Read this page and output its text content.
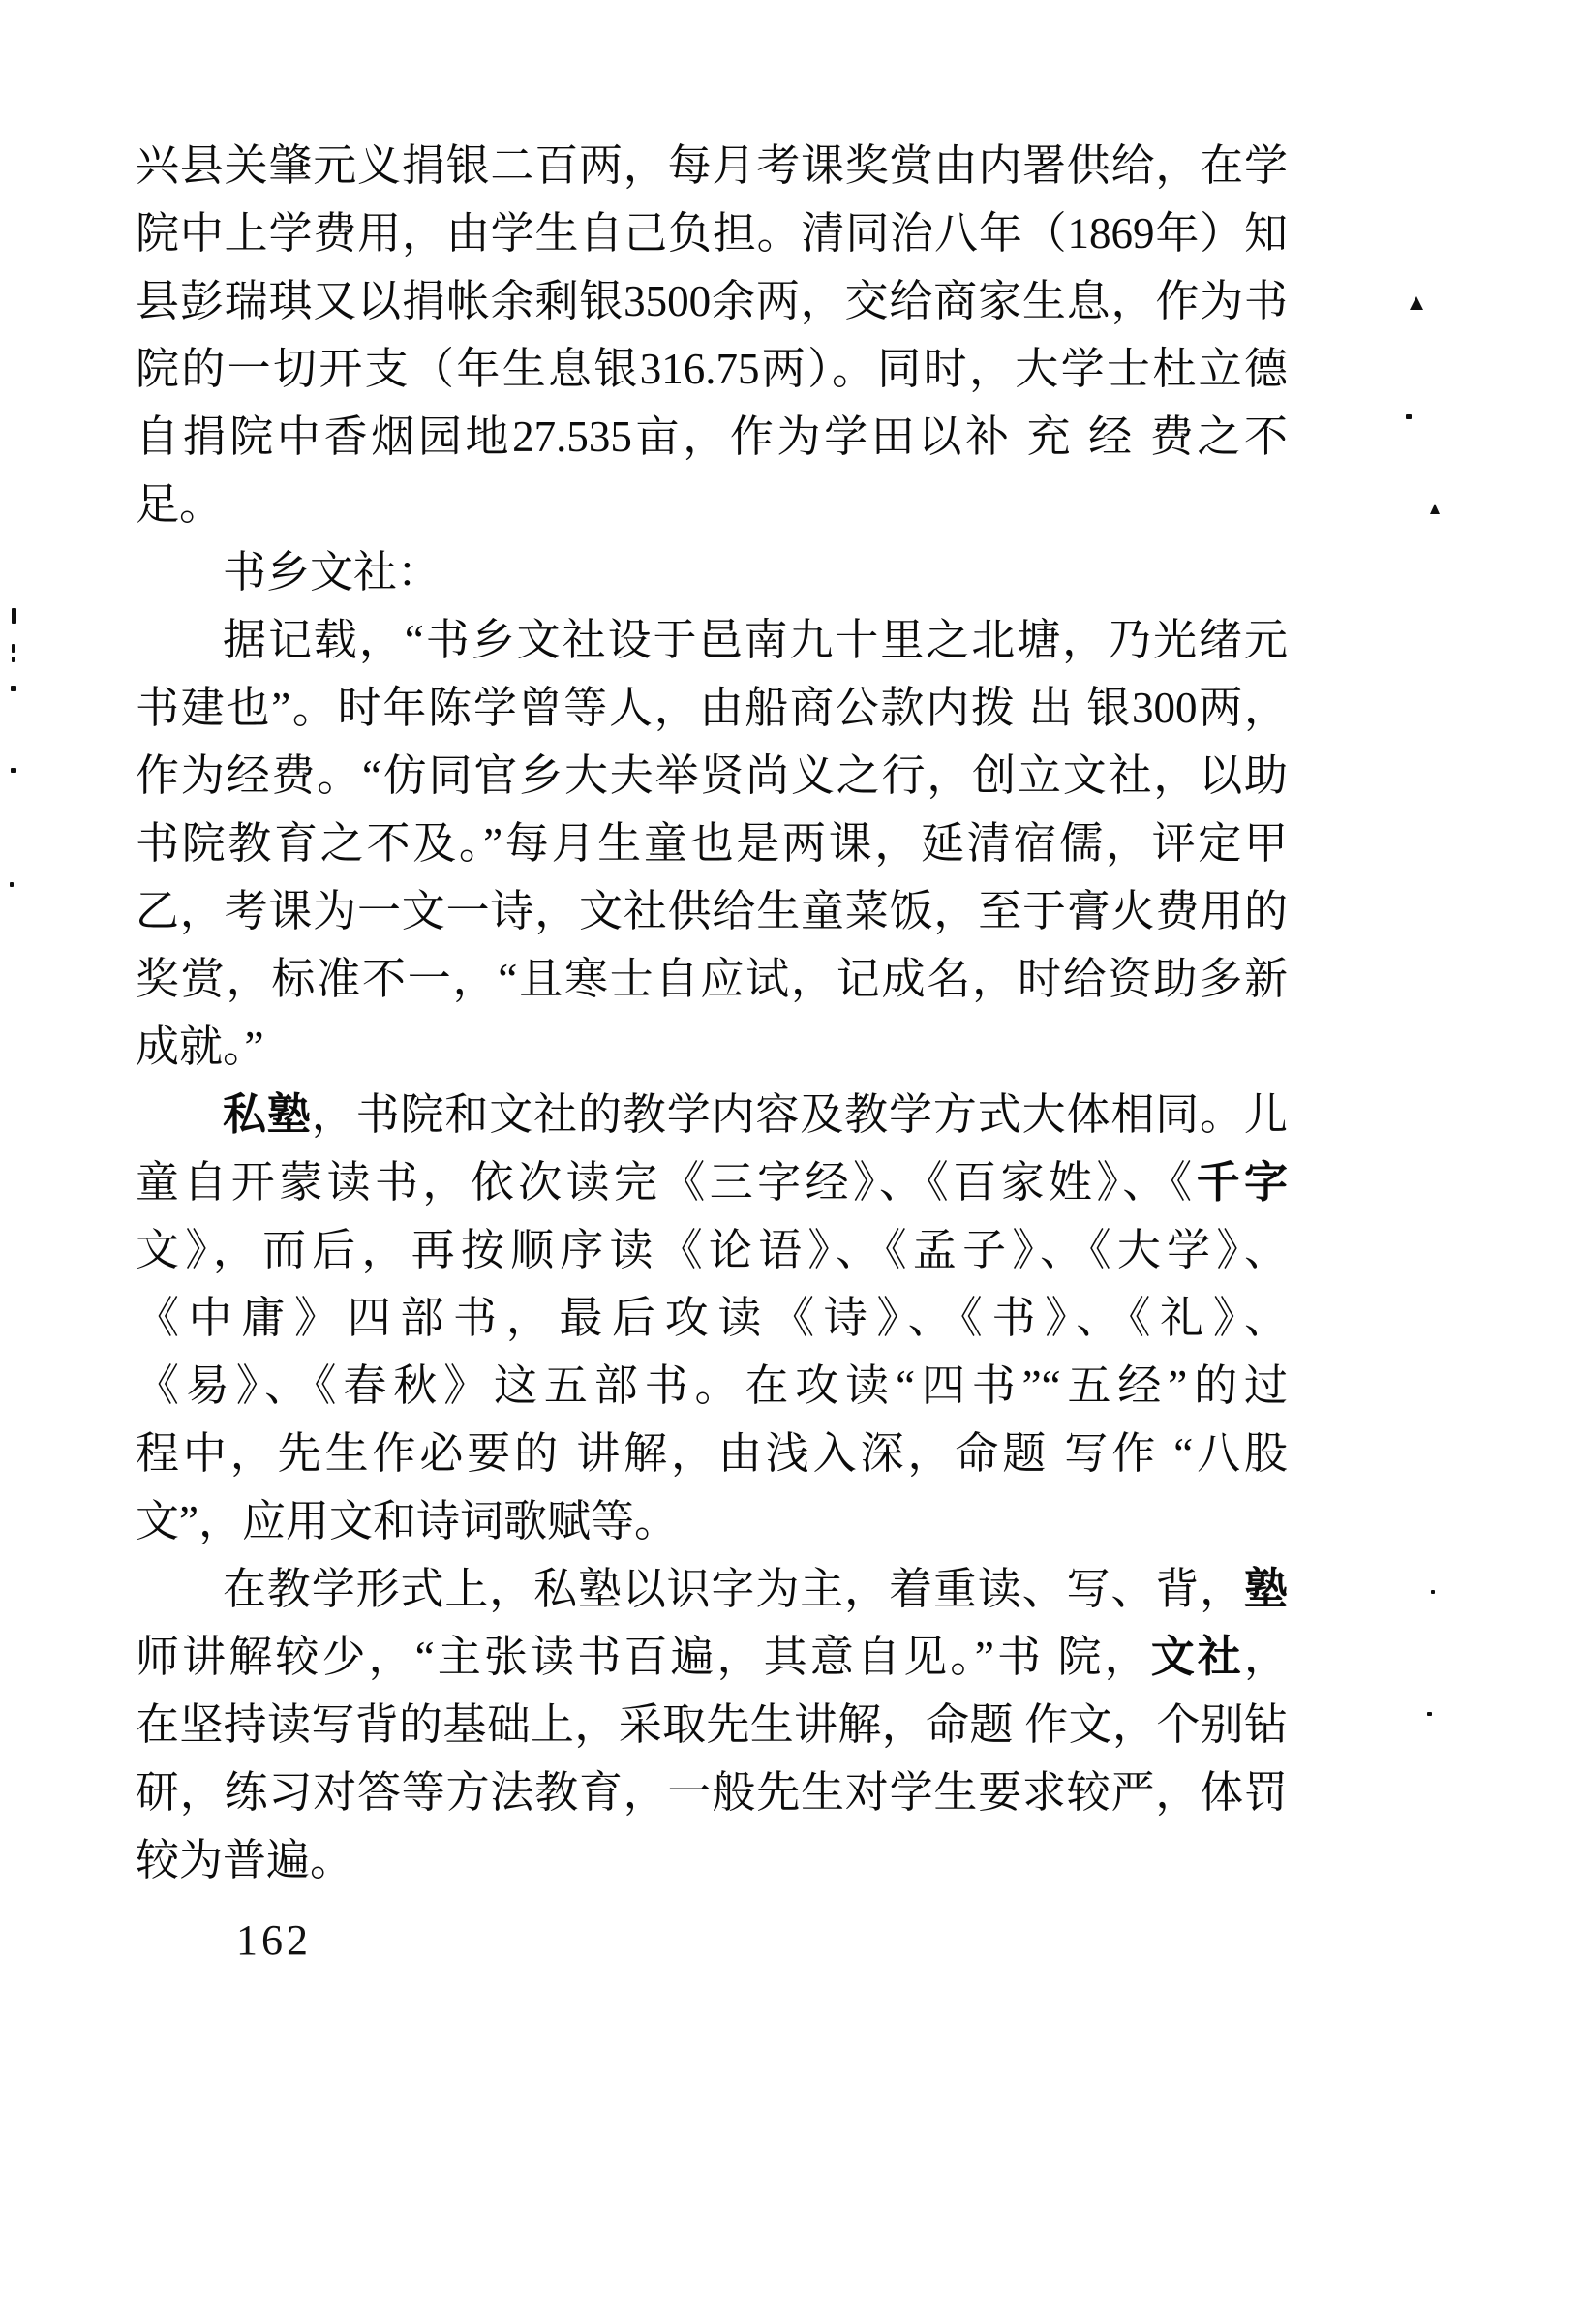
兴县关肇元义捐银二百两，每月考课奖赏由内署供给，在学
院中上学费用，由学生自己负担。清同治八年（1869年）知
县彭瑞琪又以捐帐余剩银3500余两，交给商家生息，作为书
院的一切开支（年生息银316.75两）。同时，大学士杜立德
自捐院中香烟园地27.535亩，作为学田以补 充 经 费之不
足。
书乡文社：
据记载，“书乡文社设于邑南九十里之北塘，乃光绪元
书建也”。时年陈学曾等人，由船商公款内拨 出 银300两，
作为经费。“仿同官乡大夫举贤尚义之行，创立文社，以助
书院教育之不及。”每月生童也是两课，延清宿儒，评定甲
乙，考课为一文一诗，文社供给生童菜饭，至于膏火费用的
奖赏，标准不一，“且寒士自应试，记成名，时给资助多新
成就。”
私塾，书院和文社的教学内容及教学方式大体相同。儿
童自开蒙读书，依次读完《三字经》、《百家姓》、《千字
文》，而后，再按顺序读《论语》、《孟子》、《大学》、
《中庸》四部书，最后攻读《诗》、《书》、《礼》、
《易》、《春秋》这五部书。在攻读“四书”“五经”的过
程中，先生作必要的 讲解，由浅入深，命题 写作 “八股
文”，应用文和诗词歌赋等。
在教学形式上，私塾以识字为主，着重读、写、背，塾
师讲解较少，“主张读书百遍，其意自见。”书 院，文社，
在坚持读写背的基础上，采取先生讲解，命题 作文，个别钻
研，练习对答等方法教育，一般先生对学生要求较严，体罚
较为普遍。
162
